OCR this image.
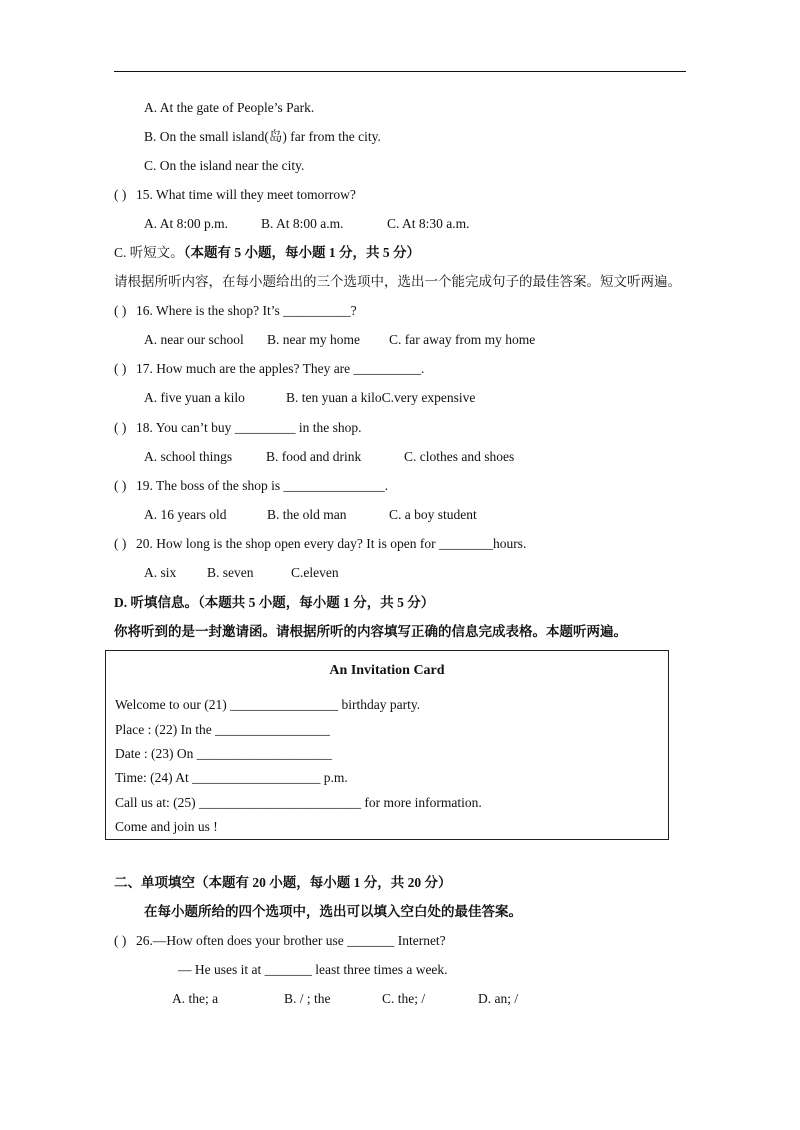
A. At the gate of People’s Park.
B. On the small island(岛) far from the city.
C. On the island near the city.
( ) 15. What time will they meet tomorrow?
A. At 8:00 p.m. B. At 8:00 a.m.	C. At 8:30 a.m.
C. 听短文。（本题有 5 小题，每小题 1 分，共 5 分）
请根据所听内容，在每小题给出的三个选项中，选出一个能完成句子的最佳答案。短文听两遍。
( ) 16. Where is the shop? It’s __________?
A. near our school B. near my home C. far away from my home
( ) 17. How much are the apples? They are __________.
A. five yuan a kilo	B. ten yuan a kiloC.very expensive
( ) 18. You can’t buy _________ in the shop.
A. school things	B. food and drink	C. clothes and shoes
( ) 19. The boss of the shop is _______________.
A. 16 years old	B. the old man	C. a boy student
( ) 20. How long is the shop open every day? It is open for ________hours.
A. six B. seven	C.eleven
D. 听填信息。（本题共 5 小题，每小题 1 分，共 5 分）
你将听到的是一封邀请函。请根据所听的内容填写正确的信息完成表格。本题听两遍。
An Invitation Card
Welcome to our (21) ________________ birthday party.
Place : (22) In the _________________
Date : (23) On ____________________
Time: (24) At ___________________ p.m.
Call us at: (25) ________________________ for more information.
Come and join us !
二、单项填空（本题有 20 小题，每小题 1 分，共 20 分）
在每小题所给的四个选项中，选出可以填入空白处的最佳答案。
( ) 26.—How often does your brother use _______ Internet?
— He uses it at _______ least three times a week.
A. the; a	B. / ; the	C. the; /	D. an; /
